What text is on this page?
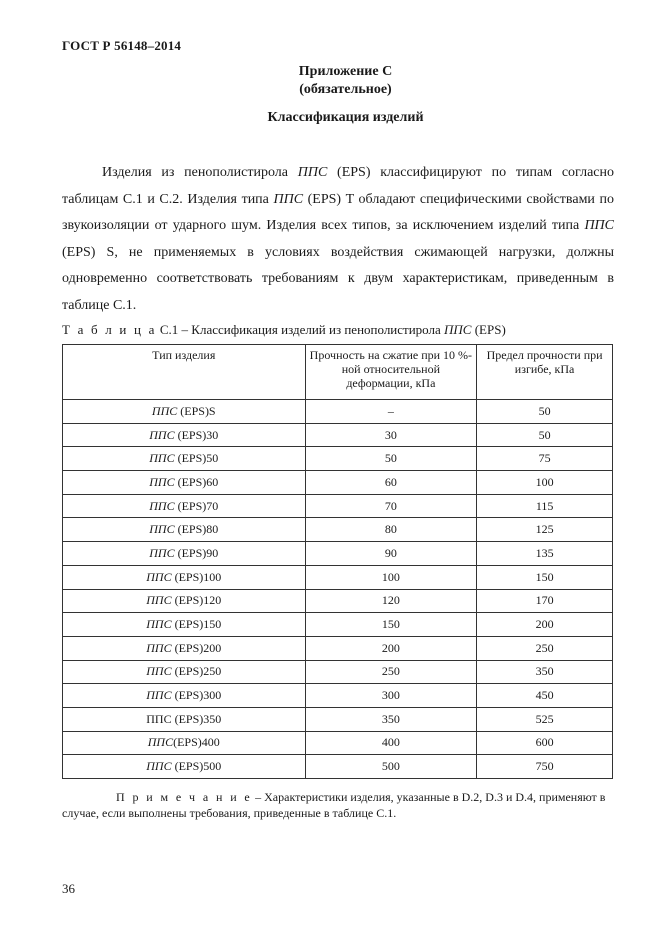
ГОСТ Р 56148–2014
Приложение С
(обязательное)
Классификация изделий
Изделия из пенополистирола ППС (EPS) классифицируют по типам согласно таблицам С.1 и С.2. Изделия типа ППС (EPS) T обладают специфическими свойствами по звукоизоляции от ударного шум. Изделия всех типов, за исключением изделий типа ППС (EPS) S, не применяемых в условиях воздействия сжимающей нагрузки, должны одновременно соответствовать требованиям к двум характеристикам, приведенным в таблице С.1.
Т а б л и ц а С.1 – Классификация изделий из пенополистирола ППС (EPS)
Тип изделия	Прочность на сжатие при 10 %-ной относительной деформации, кПа	Предел прочности при изгибе, кПа
ППС (EPS)S	–	50
ППС (EPS)30	30	50
ППС (EPS)50	50	75
ППС (EPS)60	60	100
ППС (EPS)70	70	115
ППС (EPS)80	80	125
ППС (EPS)90	90	135
ППС (EPS)100	100	150
ППС (EPS)120	120	170
ППС (EPS)150	150	200
ППС (EPS)200	200	250
ППС (EPS)250	250	350
ППС (EPS)300	300	450
ППС (EPS)350	350	525
ППС(EPS)400	400	600
ППС (EPS)500	500	750
П р и м е ч а н и е – Характеристики изделия, указанные в D.2, D.3 и D.4, применяют в случае, если выполнены требования, приведенные в таблице С.1.
36
